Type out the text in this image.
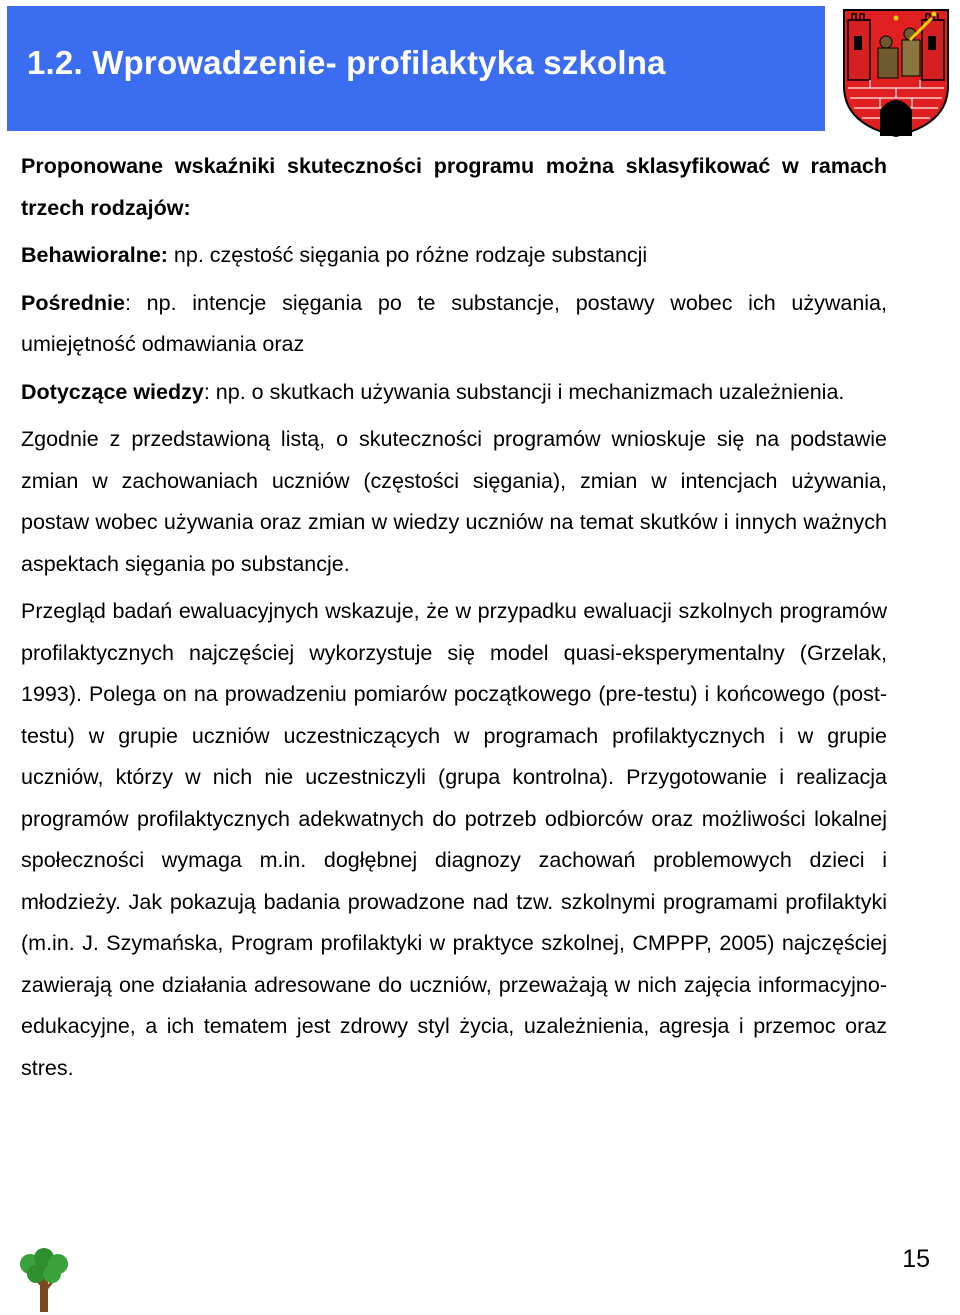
1.2. Wprowadzenie- profilaktyka szkolna

Proponowane wskaźniki skuteczności programu można sklasyfikować w ramach trzech rodzajów:

Behawioralne: np. częstość sięgania po różne rodzaje substancji

Pośrednie: np. intencje sięgania po te substancje, postawy wobec ich używania, umiejętność odmawiania oraz

Dotyczące wiedzy: np. o skutkach używania substancji i mechanizmach uzależnienia.

Zgodnie z przedstawioną listą, o skuteczności programów wnioskuje się na podstawie zmian w zachowaniach uczniów (częstości sięgania), zmian w intencjach używania, postaw wobec używania oraz zmian w wiedzy uczniów na temat skutków i innych ważnych aspektach sięgania po substancje.

Przegląd badań ewaluacyjnych wskazuje, że w przypadku ewaluacji szkolnych programów profilaktycznych najczęściej wykorzystuje się model quasi-eksperymentalny (Grzelak, 1993). Polega on na prowadzeniu pomiarów początkowego (pre-testu) i końcowego (post-testu) w grupie uczniów uczestniczących w programach profilaktycznych i w grupie uczniów, którzy w nich nie uczestniczyli (grupa kontrolna). Przygotowanie i realizacja programów profilaktycznych adekwatnych do potrzeb odbiorców oraz możliwości lokalnej społeczności wymaga m.in. dogłębnej diagnozy zachowań problemowych dzieci i młodzieży. Jak pokazują badania prowadzone nad tzw. szkolnymi programami profilaktyki (m.in. J. Szymańska, Program profilaktyki w praktyce szkolnej, CMPPP, 2005) najczęściej zawierają one działania adresowane do uczniów, przeważają w nich zajęcia informacyjno-edukacyjne, a ich tematem jest zdrowy styl życia, uzależnienia, agresja i przemoc oraz stres.

15
